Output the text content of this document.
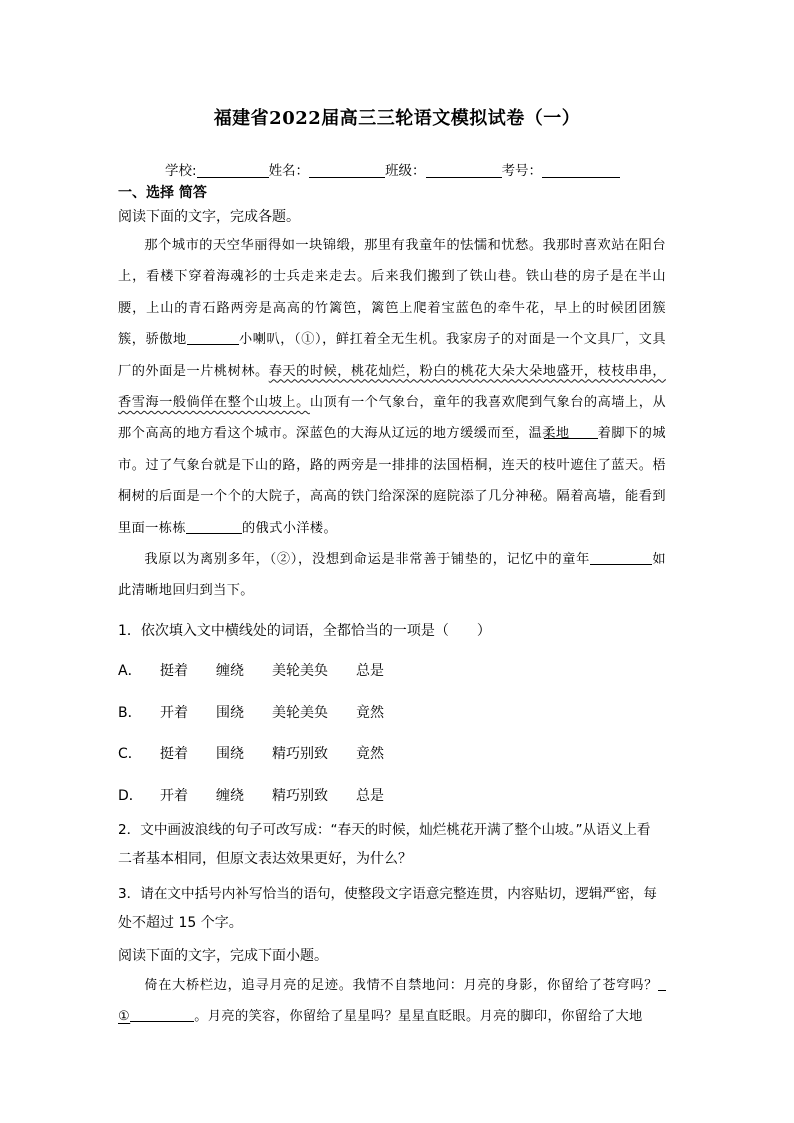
福建省2022届高三三轮语文模拟试卷（一）
学校:	姓名：	班级：	考号：
一、选择 简答
阅读下面的文字，完成各题。

那个城市的天空华丽得如一块锦缎，那里有我童年的怯懦和忧愁。我那时喜欢站在阳台上，看楼下穿着海魂衫的士兵走来走去。后来我们搬到了铁山巷。铁山巷的房子是在半山腰，上山的青石路两旁是高高的竹篱笆，篱笆上爬着宝蓝色的牵牛花，早上的时候团团簇簇，骄傲地	小喇叭，（①），鲜扛着全无生机。我家房子的对面是一个文具厂，文具厂的外面是一片桃树林。春天的时候，桃花灿烂，粉白的桃花大朵大朵地盛开，枝枝串串，香雪海一般倘佯在整个山坡上。山顶有一个气象台，童年的我喜欢爬到气象台的高墙上，从那个高高的地方看这个城市。深蓝色的大海从辽远的地方缓缓而至，温柔地 着脚下的城市。过了气象台就是下山的路，路的两旁是一排排的法国梧桐，连天的枝叶遮住了蓝天。梧桐树的后面是一个个的大院子，高高的铁门给深深的庭院添了几分神秘。隔着高墙，能看到里面一栋栋	的俄式小洋楼。

我原以为离别多年，（②），没想到命运是非常善于铺垫的，记忆中的童年	如此清晰地回归到当下。

1．依次填入文中横线处的词语，全都恰当的一项是（　　）
A． 挺着 缠绕 美轮美奂 总是
B． 开着 围绕 美轮美奂 竟然
C． 挺着 围绕 精巧别致 竟然
D． 开着 缠绕 精巧别致 总是
2．文中画波浪线的句子可改写成：“春天的时候，灿烂桃花开满了整个山坡。”从语义上看
二者基本相同，但原文表达效果更好，为什么？
3．请在文中括号内补写恰当的语句，使整段文字语意完整连贯，内容贴切，逻辑严密，每
处不超过 15 个字。
阅读下面的文字，完成下面小题。

倚在大桥栏边，追寻月亮的足迹。我情不自禁地问：月亮的身影，你留给了苍穹吗？①	。月亮的笑容，你留给了星星吗？星星直眨眼。月亮的脚印，你留给了大地
